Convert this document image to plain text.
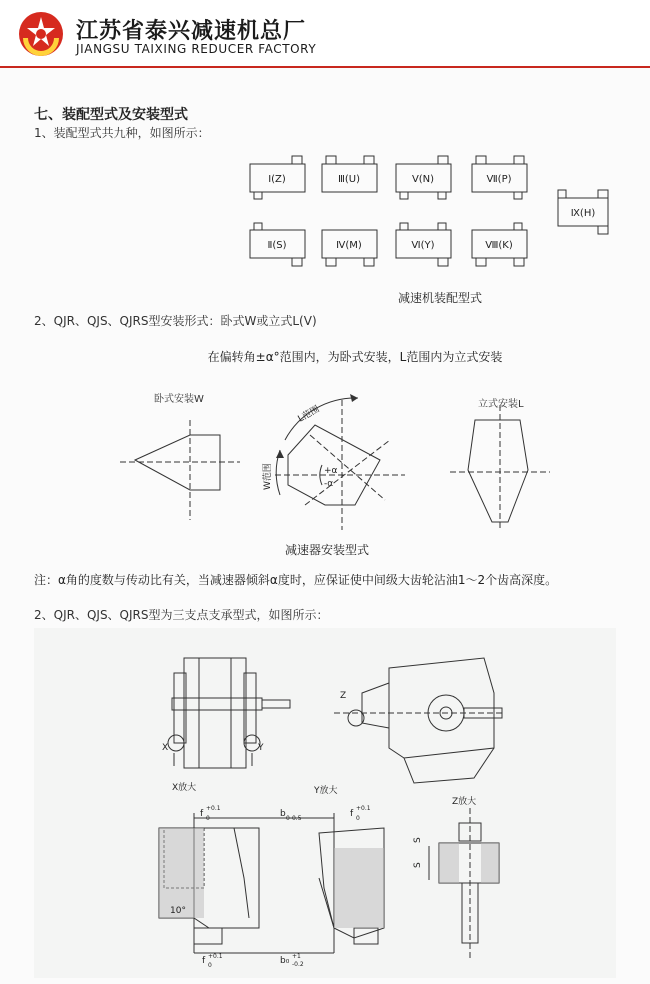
江苏省泰兴减速机总厂
JIANGSU TAIXING REDUCER FACTORY
七、装配型式及安装型式
1、装配型式共九种，如图所示：
Ⅰ(Z)	Ⅲ(U)	Ⅴ(N)	Ⅶ(P)
Ⅱ(S)	Ⅳ(M)	Ⅵ(Y)	Ⅷ(K)
Ⅸ(H)
减速机装配型式
2、QJR、QJS、QJRS型安装形式：卧式W或立式L(V)
在偏转角±α°范围内，为卧式安装，L范围内为立式安装
L范围
W范围	+α
-α
卧式安装W	立式安装L
减速器安装型式
注：α角的度数与传动比有关，当减速器倾斜α度时，应保证使中间级大齿轮沾油1～2个齿高深度。
2、QJR、QJS、QJRS型为三支点支承型式，如图所示：
X	Y
Z
X放大	Y放大
Z放大
f 0
+0.1
b 0-0.5	f 0
+0.1
10°
b₀ +1
-0.2
f 0
+0.1
S
S
